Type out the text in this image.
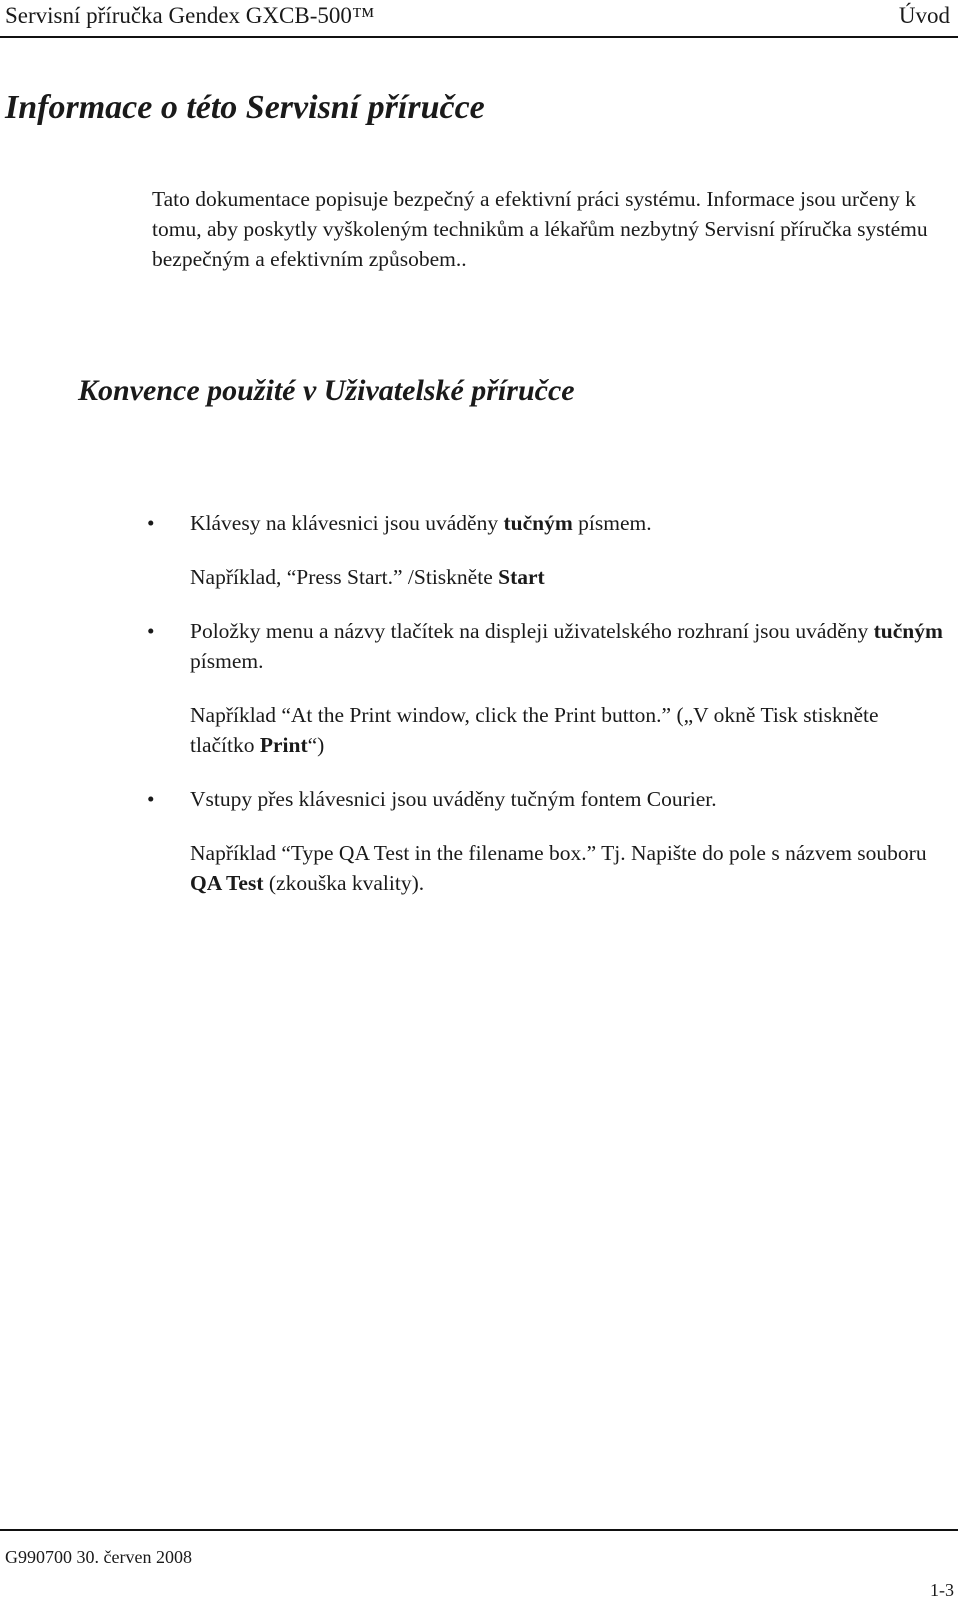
Servisní příručka Gendex GXCB-500™	Úvod
Informace o této Servisní příručce

Tato dokumentace popisuje bezpečný a efektivní práci systému. Informace jsou určeny k tomu, aby poskytly vyškoleným technikům a lékařům nezbytný Servisní příručka systému bezpečným a efektivním způsobem..

Konvence použité v Uživatelské příručce
• Klávesy na klávesnici jsou uváděny tučným písmem.
Například, “Press Start.” /Stiskněte Start
• Položky menu a názvy tlačítek na displeji uživatelského rozhraní jsou uváděny tučným písmem.
Například “At the Print window, click the Print button.” („V okně Tisk stiskněte tlačítko Print“)
• Vstupy přes klávesnici jsou uváděny tučným fontem Courier.
Například “Type QA Test in the filename box.” Tj. Napište do pole s názvem souboru QA Test (zkouška kvality).
G990700 30. červen 2008
1-3
